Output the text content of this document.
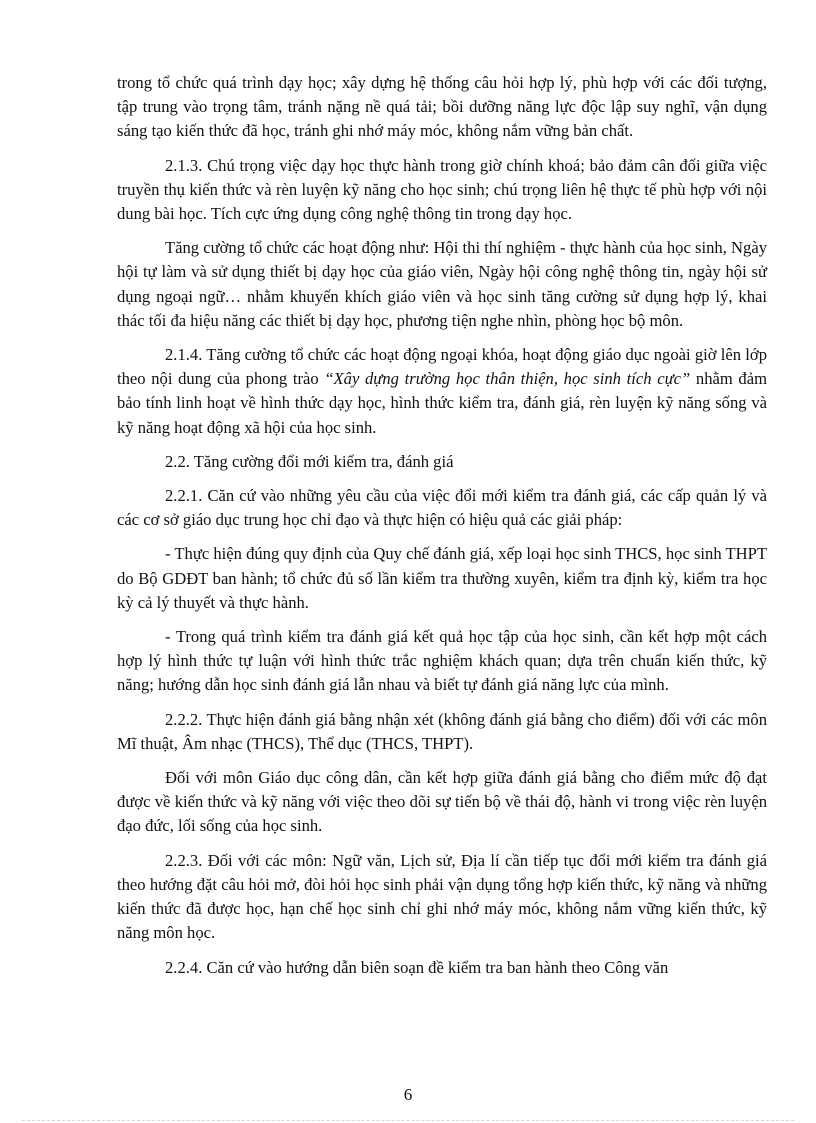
trong tổ chức quá trình dạy học; xây dựng hệ thống câu hỏi hợp lý, phù hợp với các đối tượng, tập trung vào trọng tâm, tránh nặng nề quá tải; bồi dưỡng năng lực độc lập suy nghĩ, vận dụng sáng tạo kiến thức đã học, tránh ghi nhớ máy móc, không nắm vững bản chất.

2.1.3. Chú trọng việc dạy học thực hành trong giờ chính khoá; bảo đảm cân đối giữa việc truyền thụ kiến thức và rèn luyện kỹ năng cho học sinh; chú trọng liên hệ thực tế phù hợp với nội dung bài học. Tích cực ứng dụng công nghệ thông tin trong dạy học.

Tăng cường tổ chức các hoạt động như: Hội thi thí nghiệm - thực hành của học sinh, Ngày hội tự làm và sử dụng thiết bị dạy học của giáo viên, Ngày hội công nghệ thông tin, ngày hội sử dụng ngoại ngữ… nhằm khuyến khích giáo viên và học sinh tăng cường sử dụng hợp lý, khai thác tối đa hiệu năng các thiết bị dạy học, phương tiện nghe nhìn, phòng học bộ môn.

2.1.4. Tăng cường tổ chức các hoạt động ngoại khóa, hoạt động giáo dục ngoài giờ lên lớp theo nội dung của phong trào “Xây dựng trường học thân thiện, học sinh tích cực” nhằm đảm bảo tính linh hoạt về hình thức dạy học, hình thức kiểm tra, đánh giá, rèn luyện kỹ năng sống và kỹ năng hoạt động xã hội của học sinh.

2.2. Tăng cường đổi mới kiểm tra, đánh giá

2.2.1. Căn cứ vào những yêu cầu của việc đổi mới kiểm tra đánh giá, các cấp quản lý và các cơ sở giáo dục trung học chỉ đạo và thực hiện có hiệu quả các giải pháp:

- Thực hiện đúng quy định của Quy chế đánh giá, xếp loại học sinh THCS, học sinh THPT do Bộ GDĐT ban hành; tổ chức đủ số lần kiểm tra thường xuyên, kiểm tra định kỳ, kiểm tra học kỳ cả lý thuyết và thực hành.

- Trong quá trình kiểm tra đánh giá kết quả học tập của học sinh, cần kết hợp một cách hợp lý hình thức tự luận với hình thức trắc nghiệm khách quan; dựa trên chuẩn kiến thức, kỹ năng; hướng dẫn học sinh đánh giá lẫn nhau và biết tự đánh giá năng lực của mình.

2.2.2. Thực hiện đánh giá bằng nhận xét (không đánh giá bằng cho điểm) đối với các môn Mĩ thuật, Âm nhạc (THCS), Thể dục (THCS, THPT).

Đối với môn Giáo dục công dân, cần kết hợp giữa đánh giá bằng cho điểm mức độ đạt được về kiến thức và kỹ năng với việc theo dõi sự tiến bộ về thái độ, hành vi trong việc rèn luyện đạo đức, lối sống của học sinh.

2.2.3. Đối với các môn: Ngữ văn, Lịch sử, Địa lí cần tiếp tục đổi mới kiểm tra đánh giá theo hướng đặt câu hỏi mở, đòi hỏi học sinh phải vận dụng tổng hợp kiến thức, kỹ năng và những kiến thức đã được học, hạn chế học sinh chỉ ghi nhớ máy móc, không nắm vững kiến thức, kỹ năng môn học.

2.2.4. Căn cứ vào hướng dẫn biên soạn đề kiểm tra ban hành theo Công văn

6
